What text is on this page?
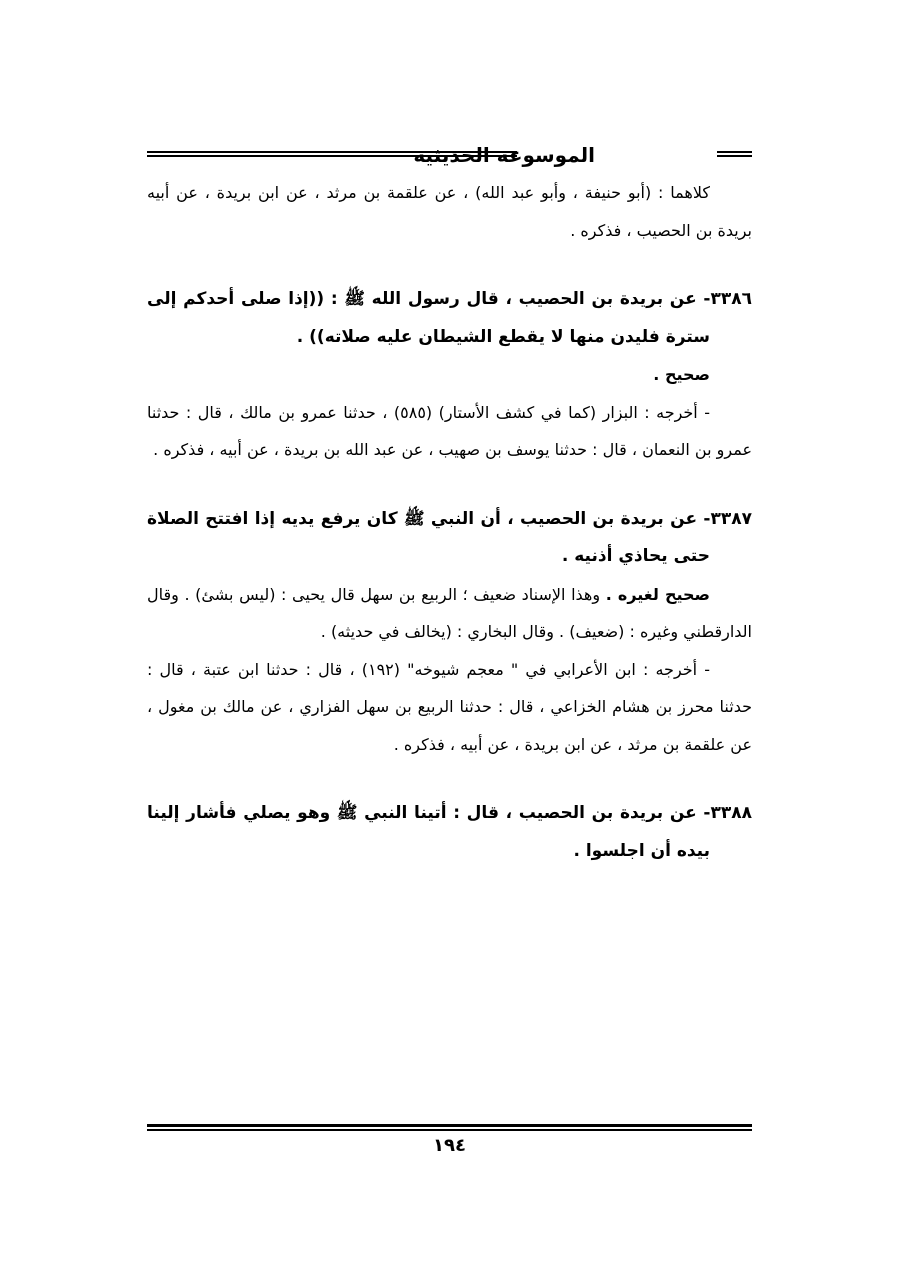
الموسوعة الحديثية

كلاهما : (أبو حنيفة ، وأبو عبد الله) ، عن علقمة بن مرثد ، عن ابن بريدة ، عن أبيه بريدة بن الحصيب ، فذكره .

٣٣٨٦- عن بريدة بن الحصيب ، قال رسول الله ﷺ : ((إذا صلى أحدكم إلى سترة فليدن منها لا يقطع الشيطان عليه صلاته)) .

صحيح .

- أخرجه : البزار (كما في كشف الأستار) (٥٨٥) ، حدثنا عمرو بن مالك ، قال : حدثنا عمرو بن النعمان ، قال : حدثنا يوسف بن صهيب ، عن عبد الله بن بريدة ، عن أبيه ، فذكره .

٣٣٨٧- عن بريدة بن الحصيب ، أن النبي ﷺ كان يرفع يديه إذا افتتح الصلاة حتى يحاذي أذنيه .

صحيح لغيره . وهذا الإسناد ضعيف ؛ الربيع بن سهل قال يحيى : (ليس بشئ) . وقال الدارقطني وغيره : (ضعيف) . وقال البخاري : (يخالف في حديثه) .

- أخرجه : ابن الأعرابي في " معجم شيوخه" (١٩٢) ، قال : حدثنا ابن عتبة ، قال : حدثنا محرز بن هشام الخزاعي ، قال : حدثنا الربيع بن سهل الفزاري ، عن مالك بن مغول ، عن علقمة بن مرثد ، عن ابن بريدة ، عن أبيه ، فذكره .

٣٣٨٨- عن بريدة بن الحصيب ، قال : أتينا النبي ﷺ وهو يصلي فأشار إلينا بيده أن اجلسوا .

١٩٤
